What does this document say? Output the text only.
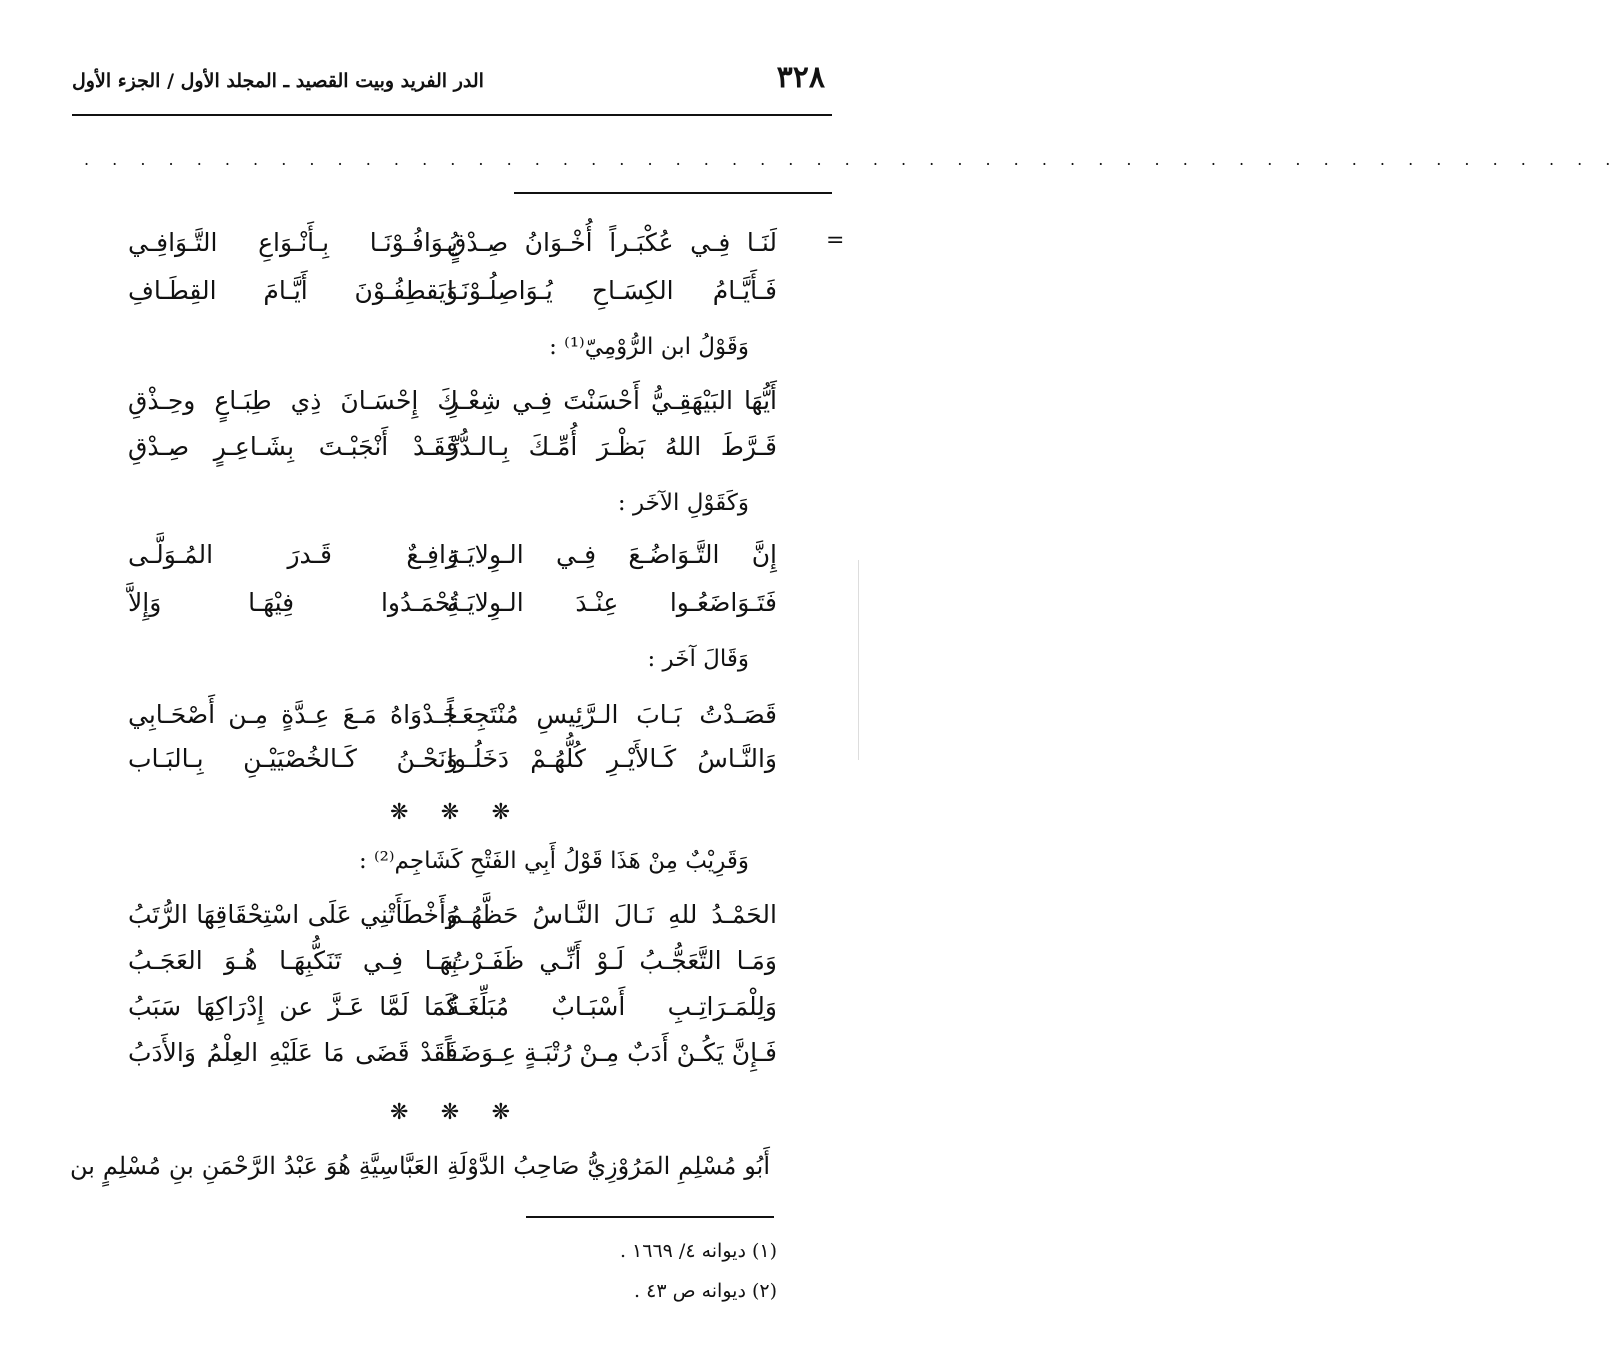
٣٢٨
الدر الفريد وبيت القصيد ـ المجلد الأول / الجزء الأول
. . . . . . . . . . . . . . . . . . . . . . . . . . . . . . . . . . . . . . . . . . . . . . . . . . . . . . .
=
لَنَـا فِـي عُكْبَـراً أُخْـوَانُ صِـدْقٍ
يُـوَافُـوْنَـا بِـأَنْـوَاعِ التَّـوَافِـي
فَـأَيَّـامُ الكِسَـاحِ يُـوَاصِلُـوْنَـا
وَيَقطِفُـوْنَ أَيَّـامَ القِطَـافِ
وَقَوْلُ ابن الرُّوْمِيّ⁽¹⁾ :
أَيُّهَا البَيْهَقِـيُّ أَحْسَنْتَ فِـي شِعْـرِ
كَ إِحْسَـانَ ذِي طِبَـاعٍ وحِـذْقِ
قَـرَّطَ اللهُ بَظْـرَ أُمِّـكَ بِـالـدُّرِّ
فَقَـدْ أَنْجَبْـتَ بِشَـاعِـرٍ صِـدْقِ
وَكَقَوْلِ الآخَر :
إِنَّ التَّـوَاضُـعَ فِـي الـوِلايَـةِ
رَافِـعٌ قَـدرَ المُـوَلَّـى
فَتَـوَاضَعُـوا عِنْـدَ الـوِلايَـةِ
تُحْمَـدُوا فِيْهَـا وَإِلاَّ
وَقَالَ آخَر :
قَصَـدْتُ بَـابَ الـرَّئِيسِ مُنْتَجِعَـاً
جَـدْوَاهُ مَـعَ عِـدَّةٍ مِـن أَصْحَـابِي
وَالنَّـاسُ كَـالأَيْـرِ كُلُّهُـمْ دَخَلُـوا
وَنَحْـنُ كَـالخُصْيَيْـنِ بِـالبَـاب
❋ ❋ ❋
وَقَرِيْبٌ مِنْ هَذَا قَوْلُ أَبِي الفَتْحِ كَشَاجِم⁽²⁾ :
الحَمْـدُ للهِ نَـالَ النَّـاسُ حَظَّهُـمُ
وَأَخْطَأَتْنِي عَلَى اسْتِحْقَاقِهَا الرُّتَبُ
وَمَـا التَّعَجُّـبُ لَـوْ أَنِّـي ظَفَـرْتُ
بِهَـا فِـي تَنَكُّبِهَـا هُـوَ العَجَـبُ
وَلِلْمَـرَاتِـبِ أَسْبَـابٌ مُبَلِّغَـةٌ
كَمَا لَمَّا عَـزَّ عن إِدْرَاكِهَا سَبَبُ
فَـإِنَّ يَكُـنْ أَدَبٌ مِـنْ رُتْبَـةٍ عِـوَضَـاً
فَقَدْ قَضَى مَا عَلَيْهِ العِلْمُ وَالأَدَبُ
❋ ❋ ❋
أَبُو مُسْلِمِ المَرُوْزِيُّ صَاحِبُ الدَّوْلَةِ العَبَّاسِيَّةِ هُوَ عَبْدُ الرَّحْمَنِ بنِ مُسْلِمٍ بن
(١) ديوانه ٤/ ١٦٦٩ .
(٢) ديوانه ص ٤٣ .
